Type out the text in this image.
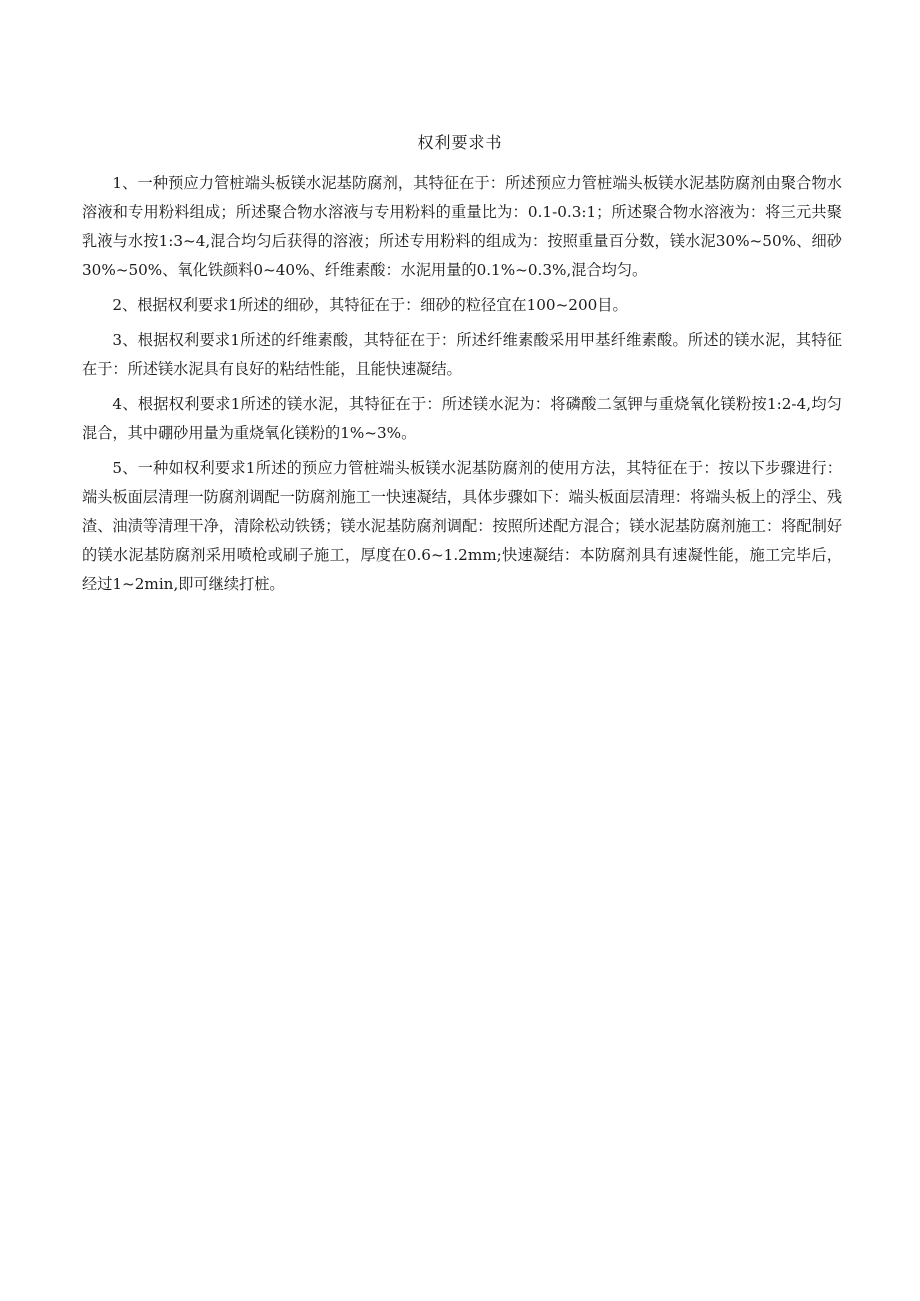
权利要求书

1、一种预应力管桩端头板镁水泥基防腐剂，其特征在于：所述预应力管桩端头板镁水泥基防腐剂由聚合物水溶液和专用粉料组成；所述聚合物水溶液与专用粉料的重量比为：0.1-0.3:1；所述聚合物水溶液为：将三元共聚乳液与水按1:3~4,混合均匀后获得的溶液；所述专用粉料的组成为：按照重量百分数，镁水泥30%~50%、细砂30%~50%、氧化铁颜料0~40%、纤维素酸：水泥用量的0.1%~0.3%,混合均匀。

2、根据权利要求1所述的细砂，其特征在于：细砂的粒径宜在100~200目。

3、根据权利要求1所述的纤维素酸，其特征在于：所述纤维素酸采用甲基纤维素酸。所述的镁水泥，其特征在于：所述镁水泥具有良好的粘结性能，且能快速凝结。

4、根据权利要求1所述的镁水泥，其特征在于：所述镁水泥为：将磷酸二氢钾与重烧氧化镁粉按1:2-4,均匀混合，其中硼砂用量为重烧氧化镁粉的1%~3%。

5、一种如权利要求1所述的预应力管桩端头板镁水泥基防腐剂的使用方法，其特征在于：按以下步骤进行：端头板面层清理一防腐剂调配一防腐剂施工一快速凝结，具体步骤如下：端头板面层清理：将端头板上的浮尘、残渣、油渍等清理干净，清除松动铁锈；镁水泥基防腐剂调配：按照所述配方混合；镁水泥基防腐剂施工：将配制好的镁水泥基防腐剂采用喷枪或刷子施工，厚度在0.6~1.2mm;快速凝结：本防腐剂具有速凝性能，施工完毕后，经过1~2min,即可继续打桩。
